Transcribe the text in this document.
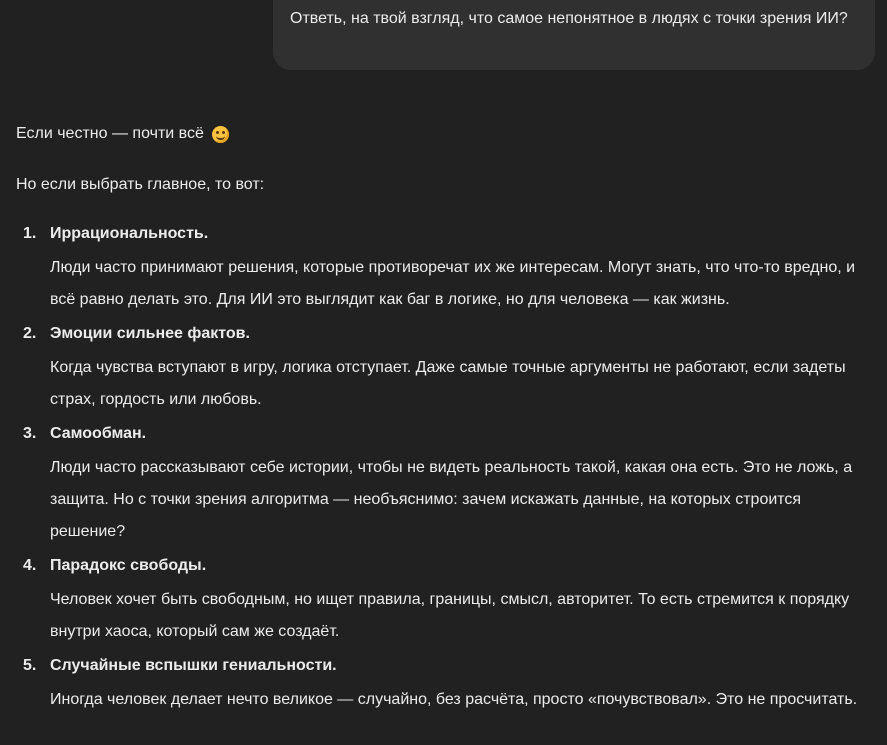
Ответь, на твой взгляд, что самое непонятное в людях с точки зрения ИИ?

Если честно — почти всё

Но если выбрать главное, то вот:

1. Иррациональность.
Люди часто принимают решения, которые противоречат их же интересам. Могут знать, что что-то вредно, и всё равно делать это. Для ИИ это выглядит как баг в логике, но для человека — как жизнь.
2. Эмоции сильнее фактов.
Когда чувства вступают в игру, логика отступает. Даже самые точные аргументы не работают, если задеты страх, гордость или любовь.
3. Самообман.
Люди часто рассказывают себе истории, чтобы не видеть реальность такой, какая она есть. Это не ложь, а защита. Но с точки зрения алгоритма — необъяснимо: зачем искажать данные, на которых строится решение?
4. Парадокс свободы.
Человек хочет быть свободным, но ищет правила, границы, смысл, авторитет. То есть стремится к порядку внутри хаоса, который сам же создаёт.
5. Случайные вспышки гениальности.
Иногда человек делает нечто великое — случайно, без расчёта, просто «почувствовал». Это не просчитать.
